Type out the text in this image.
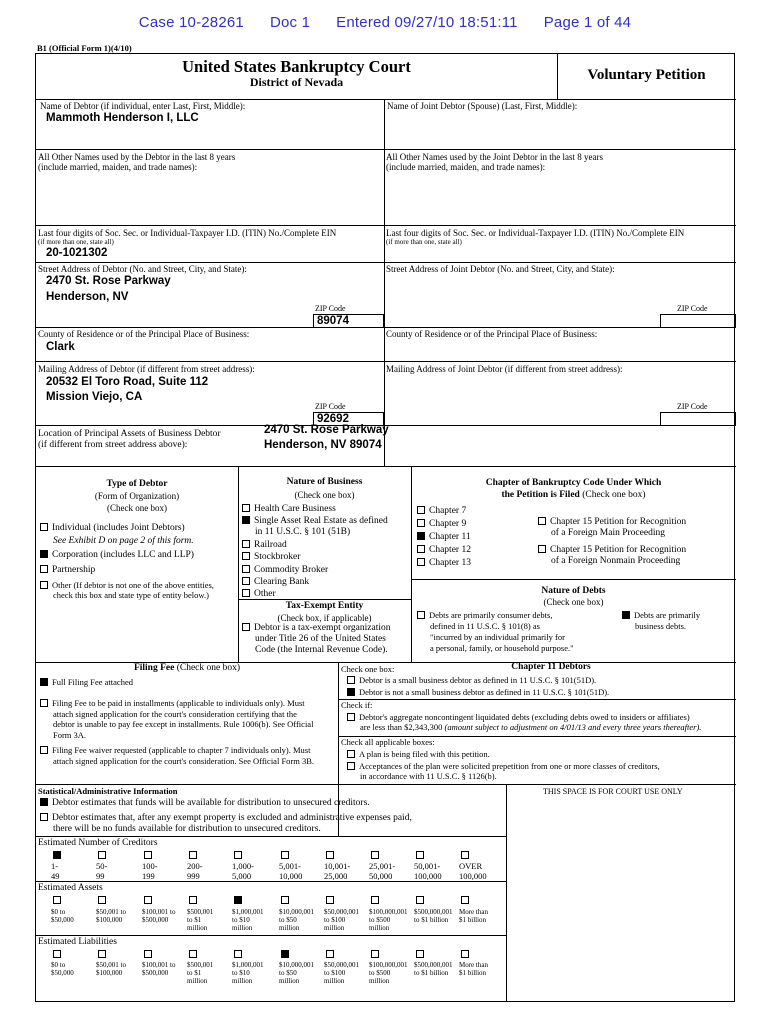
Case 10-28261 Doc 1 Entered 09/27/10 18:51:11 Page 1 of 44
B1 (Official Form 1)(4/10)
United States Bankruptcy Court
District of Nevada	Voluntary Petition
Name of Debtor (if individual, enter Last, First, Middle):
Mammoth Henderson I, LLC
Name of Joint Debtor (Spouse) (Last, First, Middle):
All Other Names used by the Debtor in the last 8 years
(include married, maiden, and trade names):
All Other Names used by the Joint Debtor in the last 8 years
(include married, maiden, and trade names):
Last four digits of Soc. Sec. or Individual-Taxpayer I.D. (ITIN) No./Complete EIN
(if more than one, state all)
20-1021302
Last four digits of Soc. Sec. or Individual-Taxpayer I.D. (ITIN) No./Complete EIN
(if more than one, state all)
Street Address of Debtor (No. and Street, City, and State):
2470 St. Rose Parkway
Henderson, NV
ZIP Code
89074
Street Address of Joint Debtor (No. and Street, City, and State):
ZIP Code
County of Residence or of the Principal Place of Business:
Clark
County of Residence or of the Principal Place of Business:
Mailing Address of Debtor (if different from street address):
20532 El Toro Road, Suite 112
Mission Viejo, CA
ZIP Code
92692
Mailing Address of Joint Debtor (if different from street address):
ZIP Code
Location of Principal Assets of Business Debtor
(if different from street address above):
2470 St. Rose Parkway
Henderson, NV 89074
Type of Debtor
(Form of Organization)
(Check one box)
Individual (includes Joint Debtors)
See Exhibit D on page 2 of this form.
Corporation (includes LLC and LLP)
Partnership
Other (If debtor is not one of the above entities,
check this box and state type of entity below.)
Nature of Business
(Check one box)
Health Care Business
Single Asset Real Estate as defined
in 11 U.S.C. § 101 (51B)
Railroad
Stockbroker
Commodity Broker
Clearing Bank
Other
Tax-Exempt Entity
(Check box, if applicable)
Debtor is a tax-exempt organization
under Title 26 of the United States
Code (the Internal Revenue Code).
Chapter of Bankruptcy Code Under Which
the Petition is Filed (Check one box)
Chapter 7
Chapter 9
Chapter 11
Chapter 12
Chapter 13
Chapter 15 Petition for Recognition
of a Foreign Main Proceeding
Chapter 15 Petition for Recognition
of a Foreign Nonmain Proceeding
Nature of Debts
(Check one box)
Debts are primarily consumer debts,
defined in 11 U.S.C. § 101(8) as
"incurred by an individual primarily for
a personal, family, or household purpose."
Debts are primarily
business debts.
Filing Fee (Check one box)
Full Filing Fee attached
Filing Fee to be paid in installments (applicable to individuals only). Must
attach signed application for the court's consideration certifying that the
debtor is unable to pay fee except in installments. Rule 1006(b). See Official
Form 3A.
Filing Fee waiver requested (applicable to chapter 7 individuals only). Must
attach signed application for the court's consideration. See Official Form 3B.
Check one box:	Chapter 11 Debtors
Debtor is a small business debtor as defined in 11 U.S.C. § 101(51D).
Debtor is not a small business debtor as defined in 11 U.S.C. § 101(51D).
Check if:
Debtor's aggregate noncontingent liquidated debts (excluding debts owed to insiders or affiliates)
are less than $2,343,300 (amount subject to adjustment on 4/01/13 and every three years thereafter).
Check all applicable boxes:
A plan is being filed with this petition.
Acceptances of the plan were solicited prepetition from one or more classes of creditors,
in accordance with 11 U.S.C. § 1126(b).
Statistical/Administrative Information	THIS SPACE IS FOR COURT USE ONLY
Debtor estimates that funds will be available for distribution to unsecured creditors.
Debtor estimates that, after any exempt property is excluded and administrative expenses paid,
there will be no funds available for distribution to unsecured creditors.
Estimated Number of Creditors
1-
49

50-
99

100-
199

200-
999

1,000-
5,000

5,001-
10,000

10,001-
25,000

25,001-
50,000

50,001-
100,000

OVER
100,000

Estimated Assets
$0 to
$50,000

$50,001 to
$100,000

$100,001 to
$500,000

$500,001
to $1
million

$1,000,001
to $10
million

$10,000,001
to $50
million

$50,000,001
to $100
million

$100,000,001
to $500
million

$500,000,001
to $1 billion

More than
$1 billion

Estimated Liabilities
$0 to
$50,000

$50,001 to
$100,000

$100,001 to
$500,000

$500,001
to $1
million

$1,000,001
to $10
million

$10,000,001
to $50
million

$50,000,001
to $100
million

$100,000,001
to $500
million

$500,000,001
to $1 billion

More than
$1 billion
